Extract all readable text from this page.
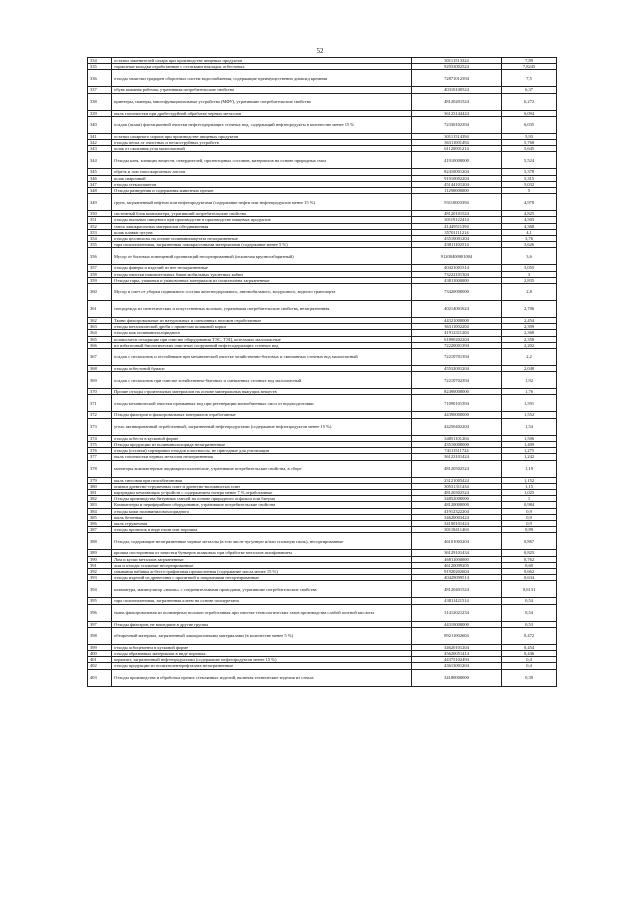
52
334	остатки заменителей сахара при производстве пищевых продуктов	30111513324	7,89
335	тормозные колодки отработанные с остатками накладок асбестовых	92033002524	7,8245
336	отходы зачистки градирен оборотных систем водоснабжения, содержащие преимущественно диоксид кремния	72871012394	7,5
337	обувь кожаная рабочая, утратившая потребительские свойства	40310100524	6,37
338	принтеры, сканеры, многофункциональные устройства (МФУ), утратившие потребительские свойства	48120201524	6,272
339	пыль газоочистки при дробеструйной обработке черных металлов	36123144424	6,094
340	осадок (шлам) флотационной очистки нефтесодержащих сточных вод, содержащий нефтепродукты в количестве менее 15 %	72330102394	6,035
341	остатки сахарного сиропа при производстве пищевых продуктов	30111514394	5,93
342	отходы песка от очистных и пескоструйных устройств	36311001494	5,768
343	шлак от сжигания угля малоопасный	61120001214	5,645
344	Отходы клея, клеящих веществ, отвердителей, протекторных составов, материалов на основе природных смол	41910000000	5,524
345	обрезь и лом гипсокартонных листов	82410001204	5,378
346	шлак сварочный	91910002204	5,315
347	отходы стеклопакетов	45144101204	5,032
348	Отходы разведения и содержания животных прочие	11290000000	5
349	грунт, загрязненный нефтью или нефтепродуктами (содержание нефти или нефтепродуктов менее 15 %)	93110003394	4,978
350	системный блок компьютера, утративший потребительские свойства	48120101524	4,825
351	отходы пыльных пищевого при производстве в производстве пищевых продуктов	30119122414	4,503
352	смесь лакокрасочных материалов обездвиженная	41449511394	4,368
353	шлак плавки чугуна	35701111214	4,1
354	отходы целлюлозы на основе поливинилацетата незагрязненные	43510001204	3,76
355	тара полиэтиленовая, загрязненная лакокрасочными материалами (содержание менее 5 %)	43811102514	3,626
356	Мусор от бытовых помещений организаций несортированный (исключая крупногабаритный)	91200400001004	3,6
357	отходы фанеры и изделий из нее незагрязненные	40421001514	3,055
358	отходы очистки накопительных баков мобильных туалетных кабин	73222101304	3
359	Отходы тары, упаковки и упаковочных материалов из полиэтилена загрязненные	43811000000	2,835
360	Мусор и смет от уборки подвижного состава железнодорожного, автомобильного, воздушного, водного транспорта	73420000000	2,8
361	спецодежда из синтетических и искусственных волокон, утратившая потребительские свойства, незагрязненная	40214001624	2,706
362	Ткани фильтровальные из натуральных и смешанных волокон отработанные	44321000000	2,454
363	отходы металлической дроби с примесью шлаковой корки	36311002204	2,399
364	отходы кож поливинилхлоридного	41912311204	2,368
365	шлакосмеси отходящие при очистке оборудования ТЭС, ТЭЦ, котельных малоопасные	61890202204	2,358
366	ил избыточный биологических очистных сооружений нефтесодержащих сточных вод	72220001394	2,202
367	осадок с песколовок и отстойников при механической очистке хозяйственно-бытовых и смешанных сточных вод малоопасный	72210701394	2,2
368	отходы асбестовой бумаги	45532001204	2,048
369	осадок с песколовок при очистке хозяйственно-бытовых и смешанных сточных вод малоопасный	72210702394	1,92
370	Прочие отходы строительных материалов на основе минеральных вяжущих веществ	82490000000	1,76
371	отходы механической очистки промывных вод при регенерации ионообменных смол от водоподготовки	71090101394	1,591
372	Отходы фильтров и фильтровальных материалов отработанные	44390000000	1,552
373	уголь активированный отработанный, загрязненный нефтепродуктами (содержание нефтепродуктов менее 15 %)	44250402204	1,54
374	отходы асбеста в кусковой форме	34851101204	1,506
375	Отходы продукции из поливинилхлорида незагрязненные	43510000000	1,409
376	отходы (остатки) сортировки отходов пластмассы, не пригодные для утилизации	74111511724	1,275
377	пыль газоочистки черных металлов незагрязненная	36123101424	1,242
378	мониторы компьютерные жидкокристаллические, утратившие потребительские свойства, в сборе	48120502524	1,19
379	пыль гипсовая при гипсобитоновая	23121005424	1,152
380	опилки древесно-стружечных плит и древесно-волокнистых плит	30531311434	1,15
381	картриджи печатающих устройств с содержанием тонера менее 7 % отработанные	48120302524	1,025
382	Отходы производства битумных смесей на основе природного асфальта или битума	34852000000	1
383	Компьютеры и периферийное оборудование, утратившие потребительские свойства	48120000000	0,984
384	отходы кожи поливиниловохлоридного	41912322204	0,9
385	пыль бетонная	34620003424	0,9
386	пыль стружечная	34100101424	0,9
387	отходы пропиток в виде пыли или порошка	30118411404	0,89
388	Отходы, содержащие незагрязненные черные металлы (в том числе чугунную и/или стальную пыль), несортированные	46101003204	0,867
389	крошка посторонняя от зачистки бункеров шлаковых при обработке металлов шлифованием	36129101434	0,825
390	Лом и куски металлов загрязненные	46811000000	0,762
391	лом и отходы стальные несортированные	46120099205	0,69
392	смывания набивка асбесто-графитовая промасленная (содержание масла менее 15 %)	91920202604	0,662
393	отходы изделий из древесины с пропиткой и покрытиями несортированные	40429099514	0,634
394	клавиатура, манипулятор «мышь» с соединительными проводами, утратившие потребительские свойства	48120401524	0,6131
395	тара полиэтиленовая, загрязненная клеем на основе полиуретана	43811421514	0,54
396	ткань фильтровальная из полимерных волокон отработанная при очистке технологических газов производства слабой азотной кислоты	31412021234	0,54
397	Отходы фильтров, не вошедшие в другие группы	44310000000	0,53
398	обтирочный материал, загрязненный лакокрасочными материалами (в количестве менее 5 %)	89211002604	0,472
399	отходы асбоцемента в кусковой форме	34620101204	0,454
400	отходы абразивных материалов в виде порошка	45620051414	0,446
401	керамзит, загрязненный нефтепродуктами (содержание нефтепродуктов менее 15 %)	44375102494	0,4
402	отходы продукции из полиэтилентерефталата незагрязненные	43613001204	0,4
403	Отходы производства и обработки прочих стеклянных изделий, включая технические изделия из стекла	34180000000	0,39
